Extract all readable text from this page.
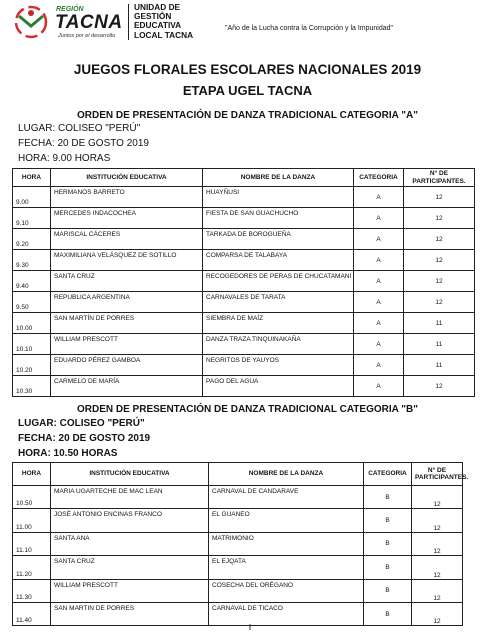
REGIÓN
TACNA
Juntos por el desarrollo
UNIDAD DE
GESTIÓN
EDUCATIVA
LOCAL TACNA
"Año de la Lucha contra la Corrupción y la Impunidad"
JUEGOS FLORALES ESCOLARES NACIONALES 2019
ETAPA UGEL TACNA
ORDEN DE PRESENTACIÓN DE DANZA TRADICIONAL CATEGORIA "A"
LUGAR: COLISEO "PERÚ"
FECHA: 20 DE GOSTO 2019
HORA: 9.00 HORAS
HORA	INSTITUCIÓN EDUCATIVA	NOMBRE DE LA DANZA	CATEGORIA	N° DE PARTICIPANTES.
9.00	HERMANOS BARRETO	HUAYÑUSI	A	12
9.10	MERCEDES INDACOCHEA	FIESTA DE SAN GUACHUCHO	A	12
9.20	MARISCAL CÁCERES	TARKADA DE BOROGUEÑA	A	12
9.30	MAXIMILIANA VELÁSQUEZ DE SOTILLO	COMPARSA DE TALABAYA	A	12
9.40	SANTA CRUZ	RECOGEDORES DE PERAS DE CHUCATAMANI	A	12
9.50	REPUBLICA ARGENTINA	CARNAVALES DE TARATA	A	12
10.00	SAN MARTÍN DE PORRES	SIEMBRA DE MAÍZ	A	11
10.10	WILLIAM PRESCOTT	DANZA TRAZA TINQUINAKAÑA	A	11
10.20	EDUARDO PÉREZ GAMBOA	NEGRITOS DE YAUYOS	A	11
10.30	CARMELO DE MARÍA	PAGO DEL AGUA	A	12
ORDEN DE PRESENTACIÓN DE DANZA TRADICIONAL CATEGORIA "B"
LUGAR: COLISEO "PERÚ"
FECHA: 20 DE GOSTO 2019
HORA: 10.50 HORAS
HORA	INSTITUCIÓN EDUCATIVA	NOMBRE DE LA DANZA	CATEGORIA	N° DE PARTICIPANTES.
10.50	MARIA UGARTECHE DE MAC LEAN	CARNAVAL DE CANDARAVE	B	12
11.00	JOSÉ ANTONIO ENCINAS FRANCO	EL GUANEO	B	12
11.10	SANTA ANA	MATRIMONIO	B	12
11.20	SANTA CRUZ	EL EJQATA	B	12
11.30	WILLIAM PRESCOTT	COSECHA DEL ORÉGANO	B	12
11.40	SAN MARTIN DE PORRES	CARNAVAL DE TICACO	B	12
